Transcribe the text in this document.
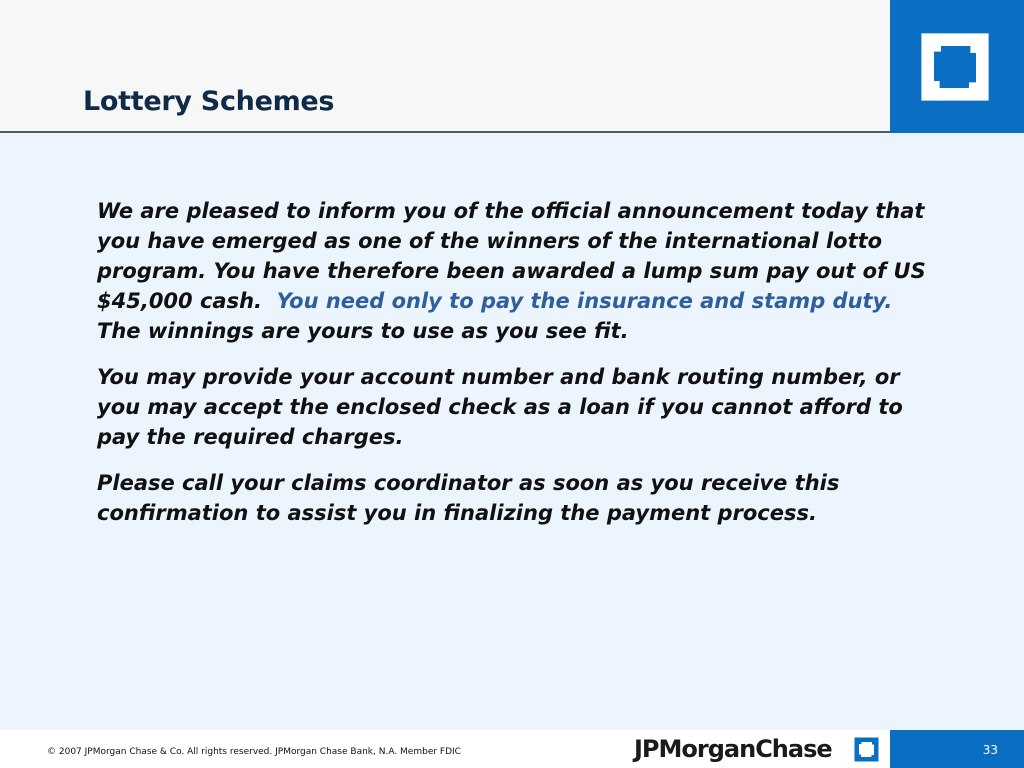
Lottery Schemes

We are pleased to inform you of the official announcement today that you have emerged as one of the winners of the international lotto program. You have therefore been awarded a lump sum pay out of US $45,000 cash. You need only to pay the insurance and stamp duty.  The winnings are yours to use as you see fit.

You may provide your account number and bank routing number, or you may accept the enclosed check as a loan if you cannot afford to pay the required charges.

Please call your claims coordinator as soon as you receive this confirmation to assist you in finalizing the payment process.

© 2007 JPMorgan Chase & Co. All rights reserved. JPMorgan Chase Bank, N.A. Member FDIC	JPMorganChase	33
